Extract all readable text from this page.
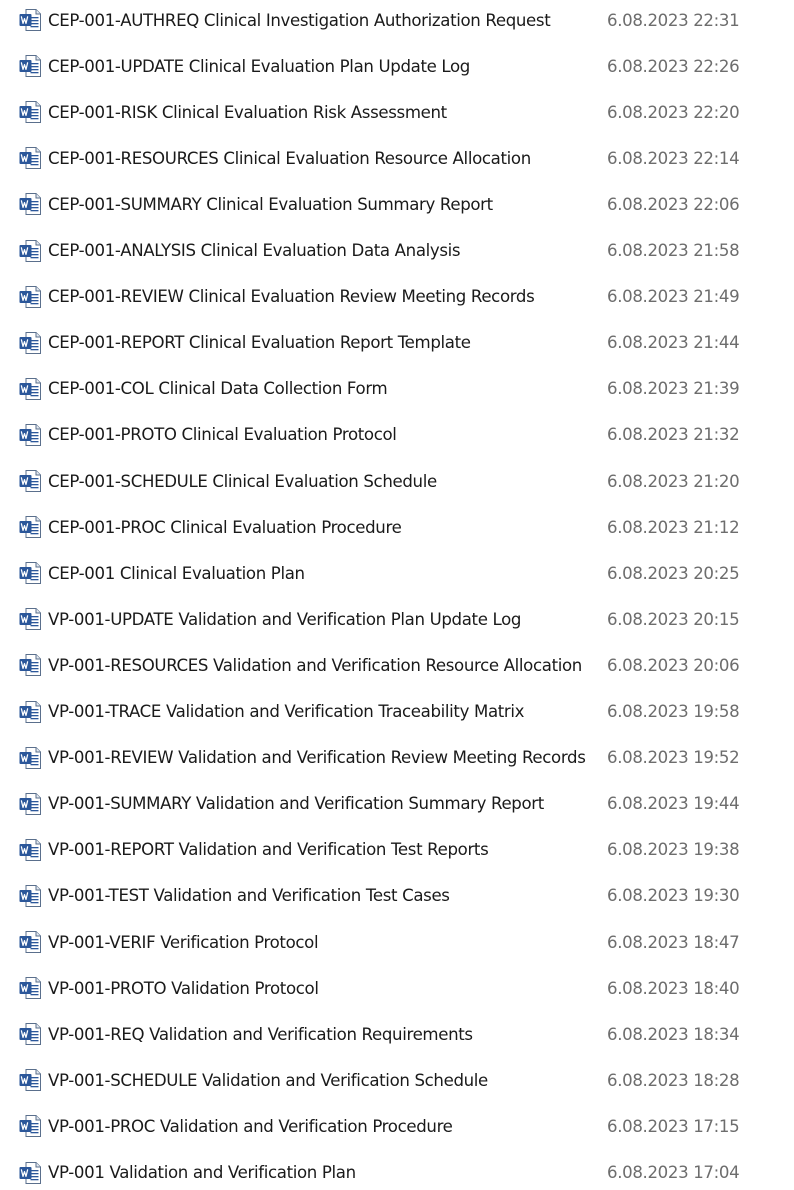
CEP-001-AUTHREQ Clinical Investigation Authorization Request	6.08.2023 22:31
CEP-001-UPDATE Clinical Evaluation Plan Update Log	6.08.2023 22:26
CEP-001-RISK Clinical Evaluation Risk Assessment	6.08.2023 22:20
CEP-001-RESOURCES Clinical Evaluation Resource Allocation	6.08.2023 22:14
CEP-001-SUMMARY Clinical Evaluation Summary Report	6.08.2023 22:06
CEP-001-ANALYSIS Clinical Evaluation Data Analysis	6.08.2023 21:58
CEP-001-REVIEW Clinical Evaluation Review Meeting Records	6.08.2023 21:49
CEP-001-REPORT Clinical Evaluation Report Template	6.08.2023 21:44
CEP-001-COL Clinical Data Collection Form	6.08.2023 21:39
CEP-001-PROTO Clinical Evaluation Protocol	6.08.2023 21:32
CEP-001-SCHEDULE Clinical Evaluation Schedule	6.08.2023 21:20
CEP-001-PROC Clinical Evaluation Procedure	6.08.2023 21:12
CEP-001 Clinical Evaluation Plan	6.08.2023 20:25
VP-001-UPDATE Validation and Verification Plan Update Log	6.08.2023 20:15
VP-001-RESOURCES Validation and Verification Resource Allocation 6.08.2023 20:06
VP-001-TRACE Validation and Verification Traceability Matrix	6.08.2023 19:58
VP-001-REVIEW Validation and Verification Review Meeting Records 6.08.2023 19:52
VP-001-SUMMARY Validation and Verification Summary Report	6.08.2023 19:44
VP-001-REPORT Validation and Verification Test Reports	6.08.2023 19:38
VP-001-TEST Validation and Verification Test Cases	6.08.2023 19:30
VP-001-VERIF Verification Protocol	6.08.2023 18:47
VP-001-PROTO Validation Protocol	6.08.2023 18:40
VP-001-REQ Validation and Verification Requirements	6.08.2023 18:34
VP-001-SCHEDULE Validation and Verification Schedule	6.08.2023 18:28
VP-001-PROC Validation and Verification Procedure	6.08.2023 17:15
VP-001 Validation and Verification Plan	6.08.2023 17:04
